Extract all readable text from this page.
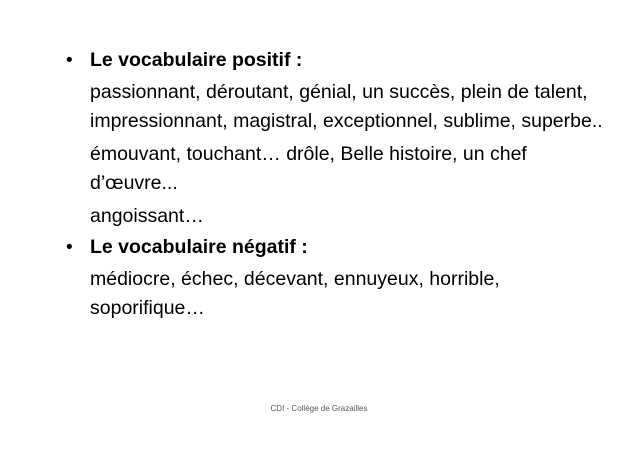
• Le vocabulaire positif :

passionnant, déroutant, génial, un succès, plein de talent, impressionnant, magistral, exceptionnel, sublime, superbe..

émouvant, touchant… drôle, Belle histoire, un chef d’œuvre...

angoissant…

• Le vocabulaire négatif :

médiocre, échec, décevant, ennuyeux, horrible, soporifique…

CDI - Collège de Grazailles
